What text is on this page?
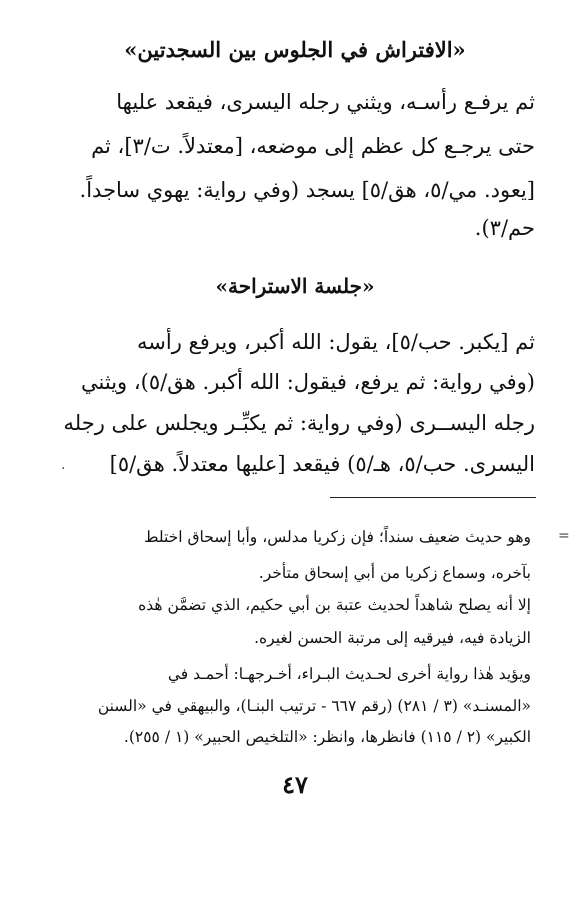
«الافتراش في الجلوس بين السجدتين»
ثم يرفـع رأسـه، ويثني رجله اليسرى، فيقعد عليها
حتى يرجـع كل عظم إلى موضعه، [معتدلاً. ت/٣]، ثم
[يعود. مي/٥، هق/٥] يسجد (وفي رواية: يهوي ساجداً.
حم/٣).
«جلسة الاستراحة»
ثم [يكبر. حب/٥]، يقول: الله أكبر، ويرفع رأسه
(وفي رواية: ثم يرفع، فيقول: الله أكبر. هق/٥)، ويثني
رجله اليســرى (وفي رواية: ثم يكبِّـر ويجلس على رجله
اليسرى. حب/٥، هـ/٥) فيقعد [عليها معتدلاً. هق/٥]
·
=
وهو حديث ضعيف سنداً؛ فإن زكريا مدلس، وأبا إسحاق اختلط
بآخره، وسماع زكريا من أبي إسحاق متأخر.
إلا أنه يصلح شاهداً لحديث عتبة بن أبي حكيم، الذي تضمَّن هٰذه
الزيادة فيه، فيرقيه إلى مرتبة الحسن لغيره.
ويؤيد هٰذا رواية أخرى لحـديث البـراء، أخـرجهـا: أحمـد في
«المسنـد» (٣ / ٢٨١) (رقم ٦٦٧ - ترتيب البنـا)، والبيهقي في «السنن
الكبير» (٢ / ١١٥) فانظرها، وانظر: «التلخيص الحبير» (١ / ٢٥٥).
٤٧
